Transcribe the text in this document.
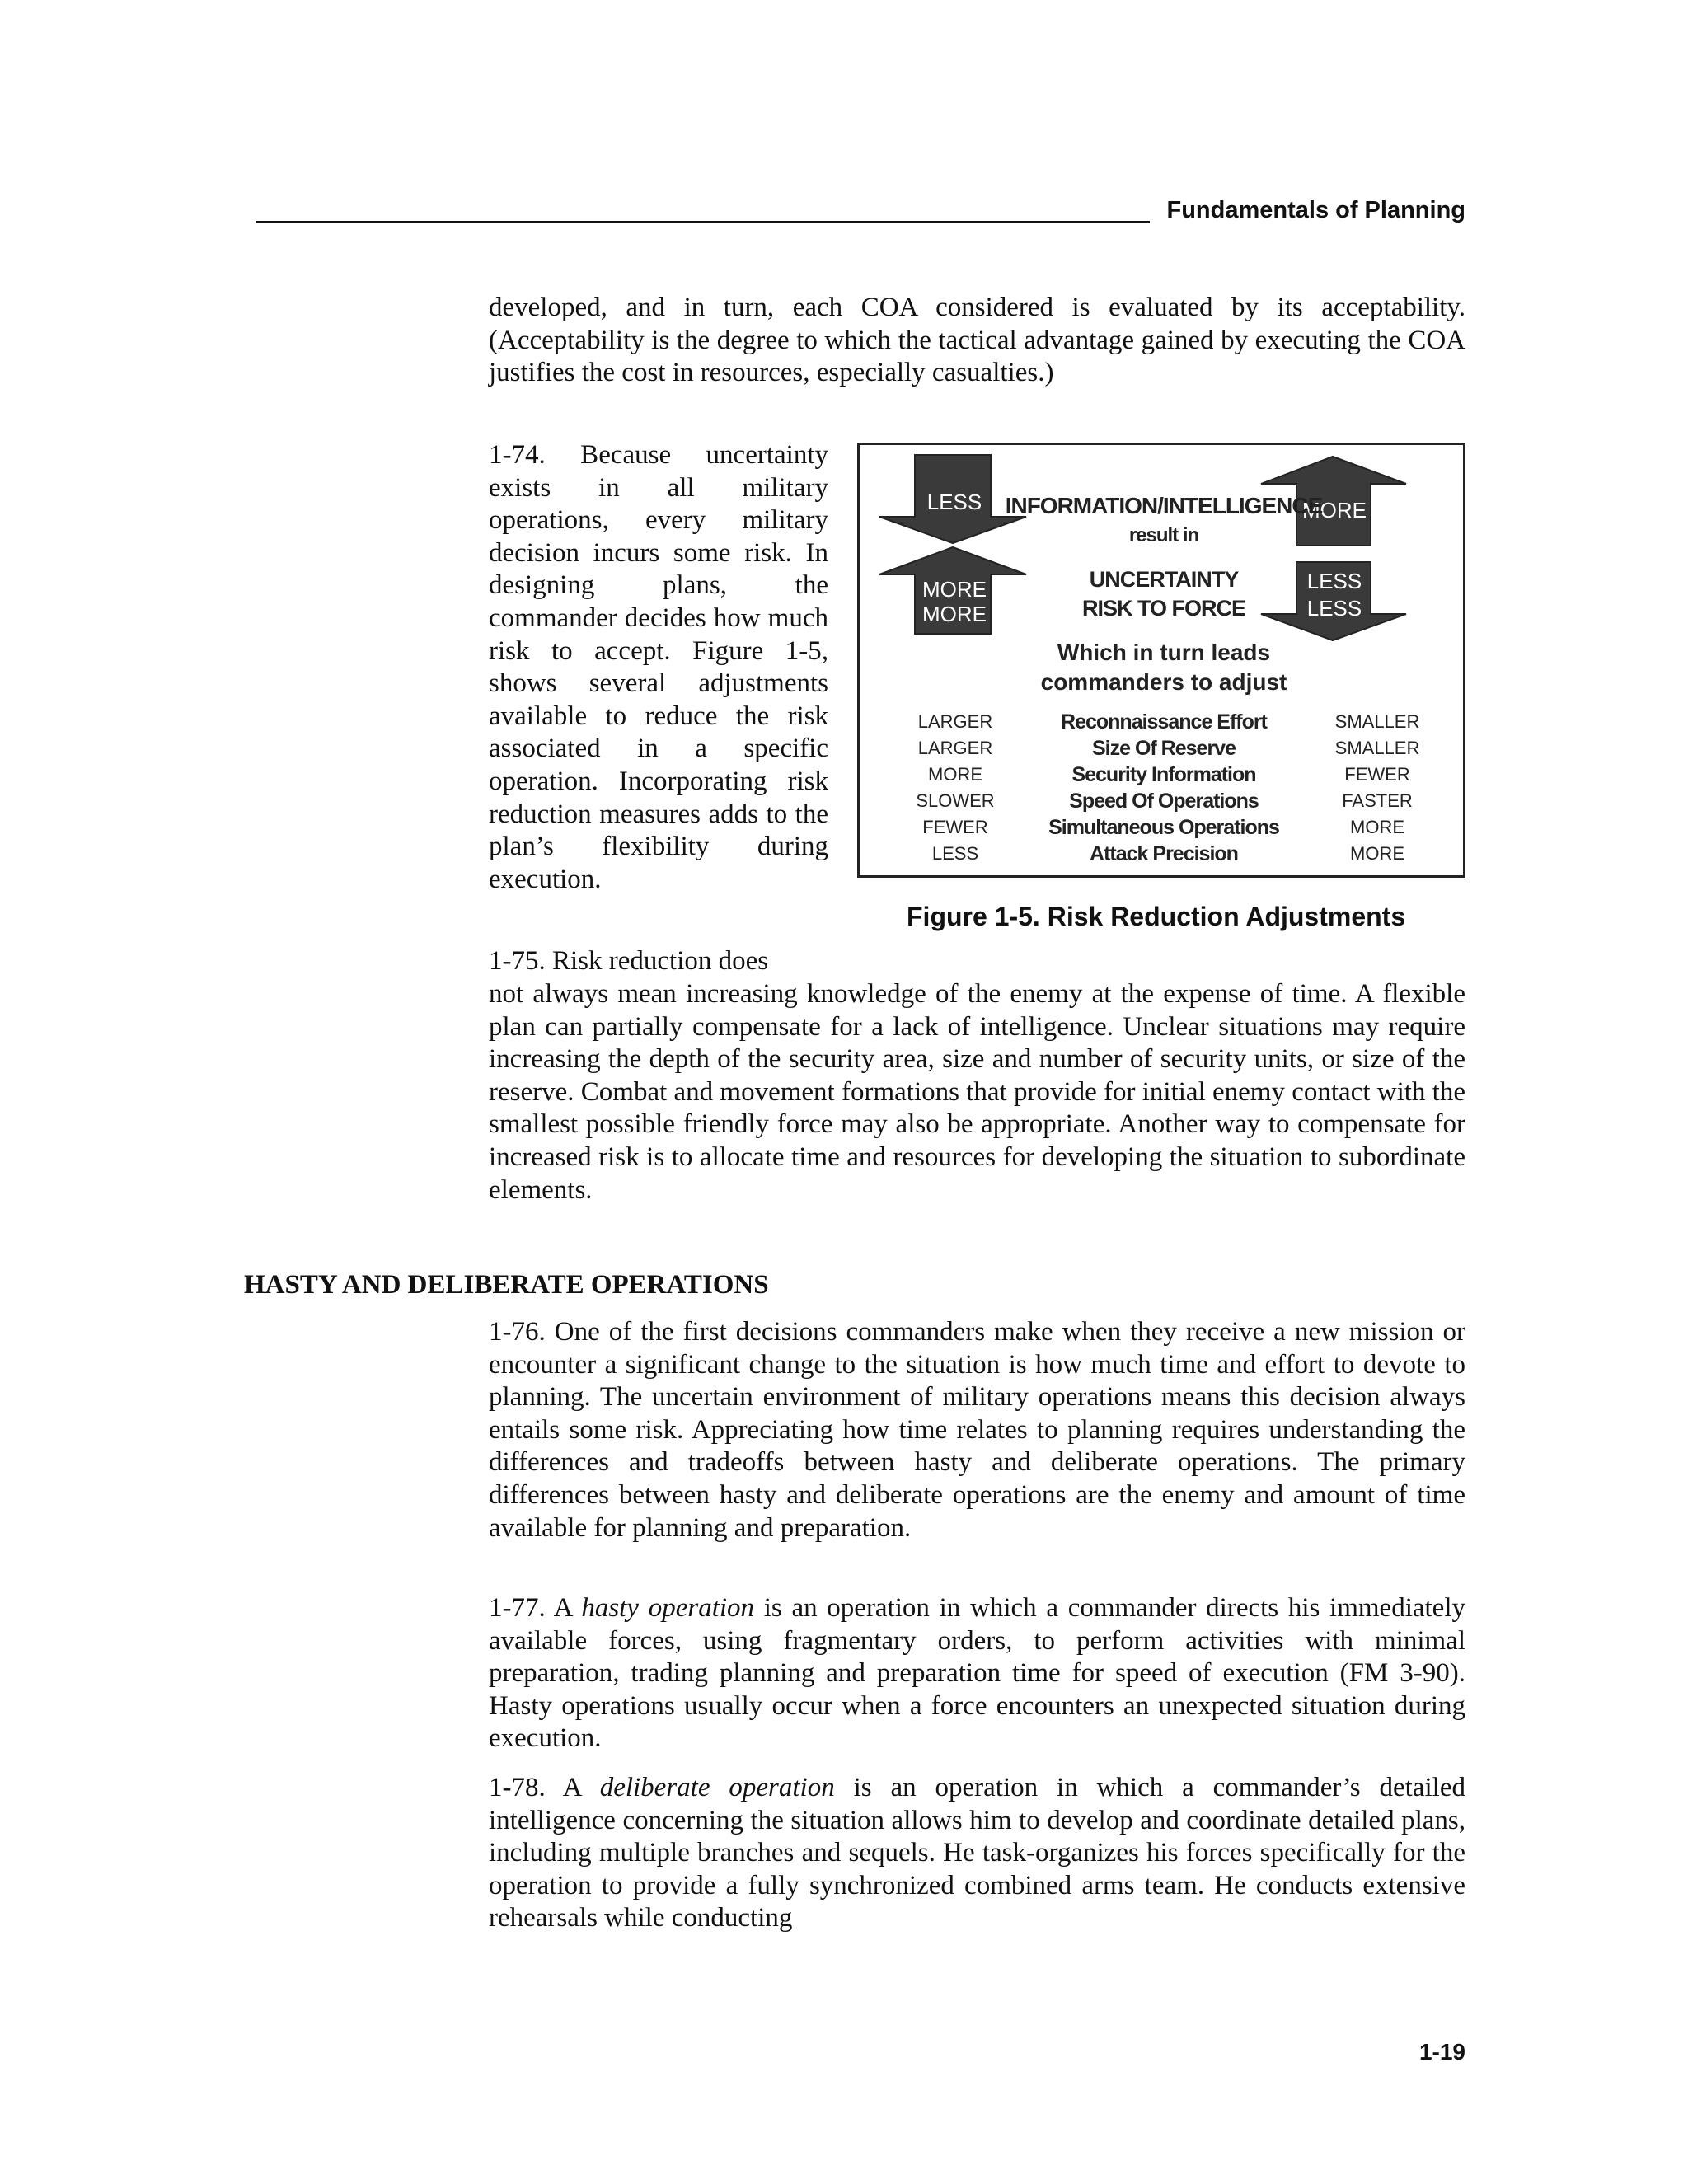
Fundamentals of Planning

developed, and in turn, each COA considered is evaluated by its acceptability. (Acceptability is the degree to which the tactical advantage gained by executing the COA justifies the cost in resources, especially casualties.)

1-74. Because uncertainty exists in all military operations, every military decision incurs some risk. In designing plans, the commander decides how much risk to accept. Figure 1-5, shows several adjustments available to reduce the risk associated in a specific operation. Incorporating risk reduction measures adds to the plan’s flexibility during execution.

LESS
MORE
MORE
MORE
LESS
LESS
INFORMATION/INTELLIGENCE
result in
UNCERTAINTY
RISK TO FORCE
Which in turn leads
commanders to adjust
LARGER
LARGER
MORE
SLOWER
FEWER
LESS
Reconnaissance Effort
Size Of Reserve
Security Information
Speed Of Operations
Simultaneous Operations
Attack Precision
SMALLER
SMALLER
FEWER
FASTER
MORE
MORE
Figure 1-5. Risk Reduction Adjustments

1-75. Risk reduction does

not always mean increasing knowledge of the enemy at the expense of time. A flexible plan can partially compensate for a lack of intelligence. Unclear situations may require increasing the depth of the security area, size and number of security units, or size of the reserve. Combat and movement formations that provide for initial enemy contact with the smallest possible friendly force may also be appropriate. Another way to compensate for increased risk is to allocate time and resources for developing the situation to subordinate elements.

HASTY AND DELIBERATE OPERATIONS

1-76. One of the first decisions commanders make when they receive a new mission or encounter a significant change to the situation is how much time and effort to devote to planning. The uncertain environment of military operations means this decision always entails some risk. Appreciating how time relates to planning requires understanding the differences and tradeoffs between hasty and deliberate operations. The primary differences between hasty and deliberate operations are the enemy and amount of time available for planning and preparation.

1-77. A hasty operation is an operation in which a commander directs his immediately available forces, using fragmentary orders, to perform activities with minimal preparation, trading planning and preparation time for speed of execution (FM 3-90). Hasty operations usually occur when a force encounters an unexpected situation during execution.

1-78. A deliberate operation is an operation in which a commander’s detailed intelligence concerning the situation allows him to develop and coordinate detailed plans, including multiple branches and sequels. He task-organizes his forces specifically for the operation to provide a fully synchronized combined arms team. He conducts extensive rehearsals while conducting

1-19
